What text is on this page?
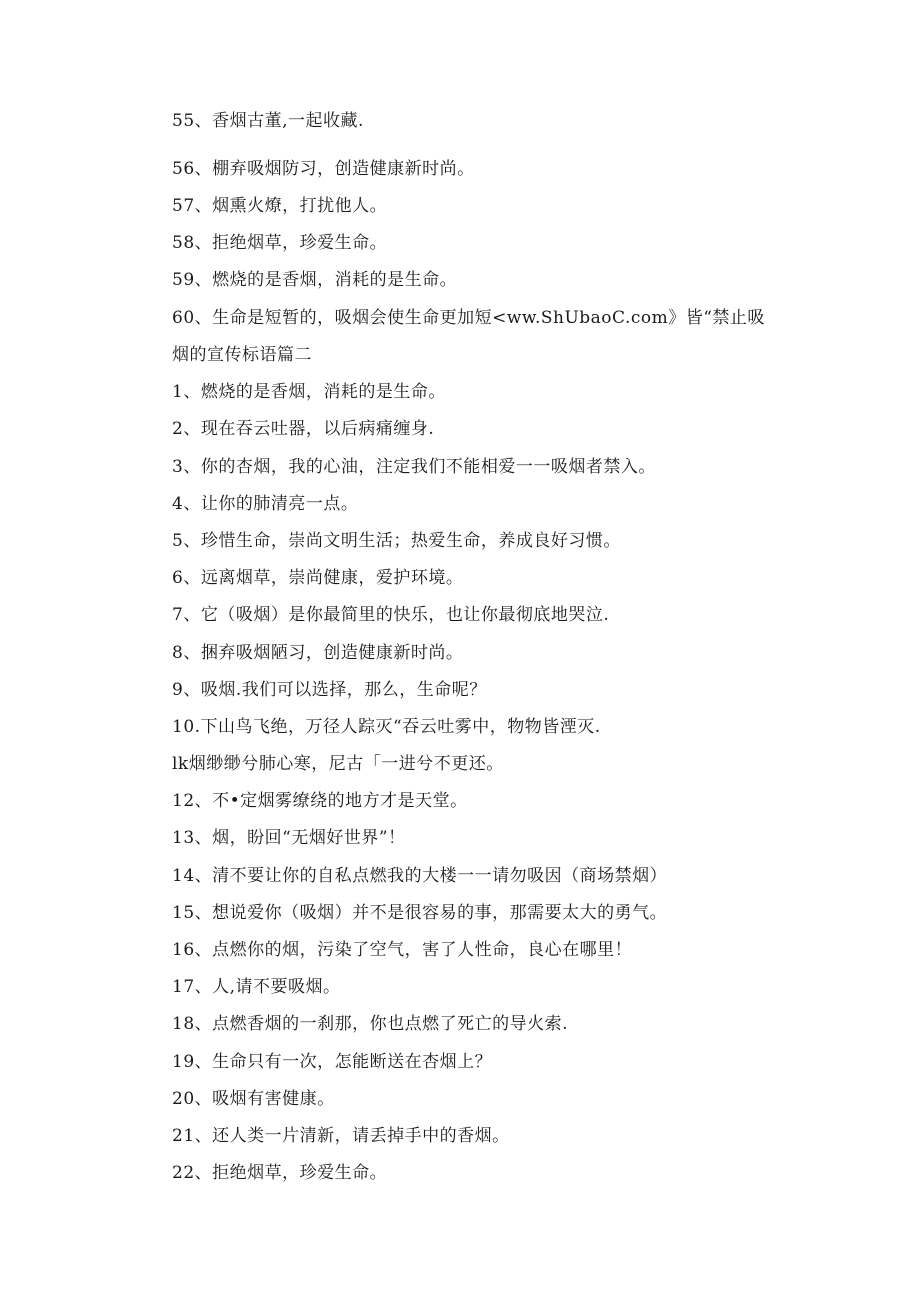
55、香烟古董,一起收藏.
56、棚弃吸烟防习，创造健康新时尚。
57、烟熏火燎，打扰他人。
58、拒绝烟草，珍爱生命。
59、燃烧的是香烟，消耗的是生命。
60、生命是短暂的，吸烟会使生命更加短<ww.ShUbaoC.com》皆“禁止吸
烟的宣传标语篇二
1、燃烧的是香烟，消耗的是生命。
2、现在吞云吐器，以后病痛缠身.
3、你的杏烟，我的心油，注定我们不能相爱一一吸烟者禁入。
4、让你的肺清亮一点。
5、珍惜生命，崇尚文明生活；热爱生命，养成良好习惯。
6、远离烟草，崇尚健康，爱护环境。
7、它（吸烟）是你最简里的快乐，也让你最彻底地哭泣.
8、捆弃吸烟陋习，创造健康新时尚。
9、吸烟.我们可以选择，那么，生命呢？
10.下山鸟飞绝，万径人踪灭“吞云吐雾中，物物皆湮灭.
lk烟缈缈兮肺心寒，尼古「一进兮不更还。
12、不•定烟雾缭绕的地方才是天堂。
13、烟，盼回“无烟好世界”！
14、清不要让你的自私点燃我的大楼一一请勿吸因（商场禁烟）
15、想说爱你（吸烟）并不是很容易的事，那需要太大的勇气。
16、点燃你的烟，污染了空气，害了人性命，良心在哪里！
17、人,请不要吸烟。
18、点燃香烟的一刹那，你也点燃了死亡的导火索.
19、生命只有一次，怎能断送在杏烟上？
20、吸烟有害健康。
21、还人类一片清新，请丢掉手中的香烟。
22、拒绝烟草，珍爱生命。
